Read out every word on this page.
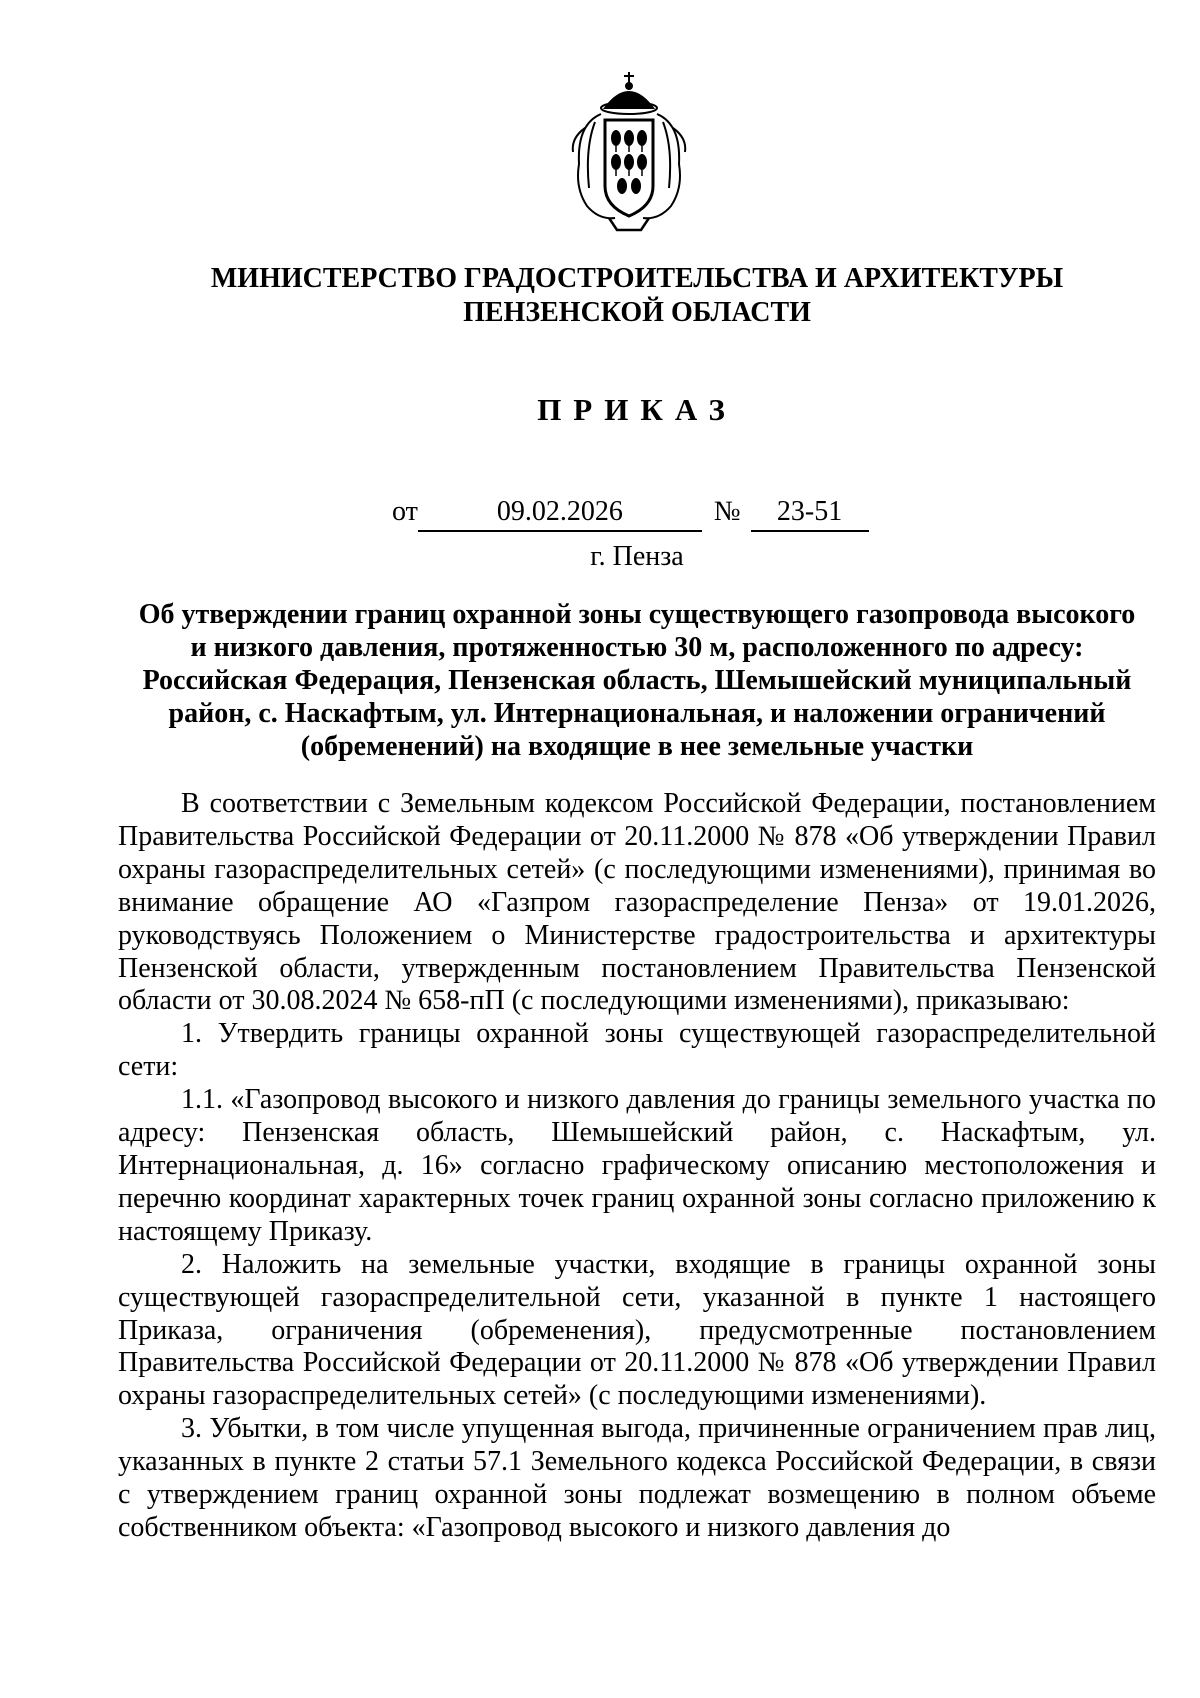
МИНИСТЕРСТВО ГРАДОСТРОИТЕЛЬСТВА И АРХИТЕКТУРЫ
ПЕНЗЕНСКОЙ ОБЛАСТИ
ПРИКАЗ
от	09.02.2026	№ 23-51
г. Пенза
Об утверждении границ охранной зоны существующего газопровода высокого
и низкого давления, протяженностью 30 м, расположенного по адресу:
Российская Федерация, Пензенская область, Шемышейский муниципальный
район, с. Наскафтым, ул. Интернациональная, и наложении ограничений
(обременений) на входящие в нее земельные участки

В соответствии с Земельным кодексом Российской Федерации, постановлением Правительства Российской Федерации от 20.11.2000 № 878 «Об утверждении Правил охраны газораспределительных сетей» (с последующими изменениями), принимая во внимание обращение АО «Газпром газораспределение Пенза» от 19.01.2026, руководствуясь Положением о Министерстве градостроительства и архитектуры Пензенской области, утвержденным постановлением Правительства Пензенской области от 30.08.2024 № 658-пП (с последующими изменениями), приказываю:

1. Утвердить границы охранной зоны существующей газораспределительной сети:

1.1. «Газопровод высокого и низкого давления до границы земельного участка по адресу: Пензенская область, Шемышейский район, с. Наскафтым, ул. Интернациональная, д. 16» согласно графическому описанию местоположения и перечню координат характерных точек границ охранной зоны согласно приложению к настоящему Приказу.

2. Наложить на земельные участки, входящие в границы охранной зоны существующей газораспределительной сети, указанной в пункте 1 настоящего Приказа, ограничения (обременения), предусмотренные постановлением Правительства Российской Федерации от 20.11.2000 № 878 «Об утверждении Правил охраны газораспределительных сетей» (с последующими изменениями).

3. Убытки, в том числе упущенная выгода, причиненные ограничением прав лиц, указанных в пункте 2 статьи 57.1 Земельного кодекса Российской Федерации, в связи с утверждением границ охранной зоны подлежат возмещению в полном объеме собственником объекта: «Газопровод высокого и низкого давления до
